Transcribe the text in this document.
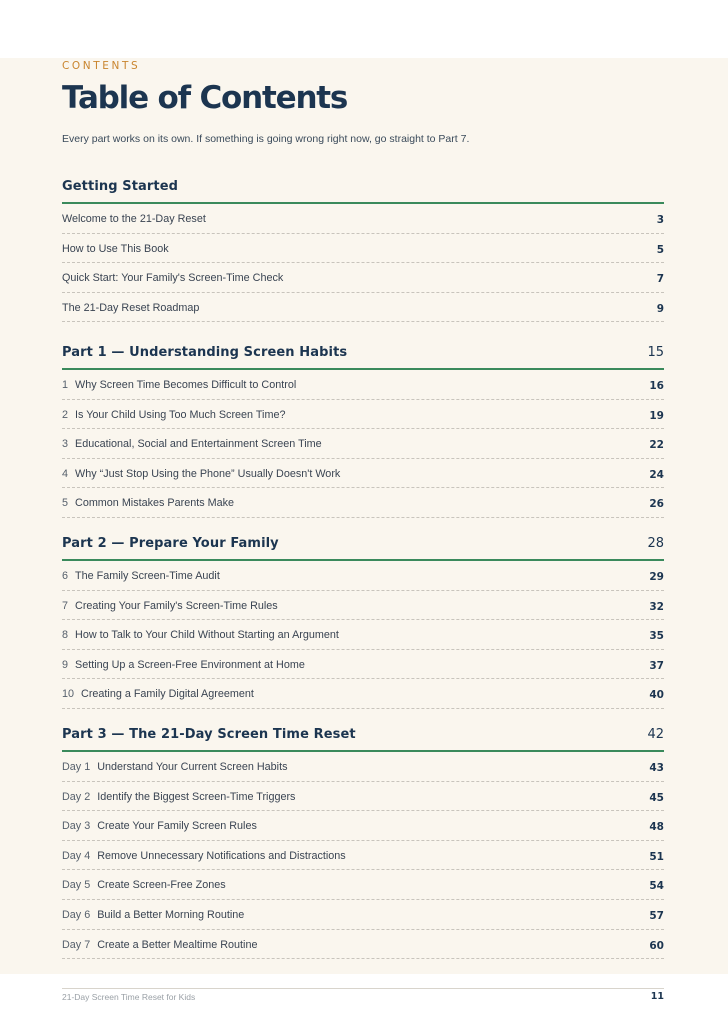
CONTENTS
Table of Contents

Every part works on its own. If something is going wrong right now, go straight to Part 7.

Getting Started
Welcome to the 21-Day Reset	3
How to Use This Book	5
Quick Start: Your Family's Screen-Time Check	7
The 21-Day Reset Roadmap	9
Part 1 — Understanding Screen Habits	15
1 Why Screen Time Becomes Difficult to Control	16
2 Is Your Child Using Too Much Screen Time?	19
3 Educational, Social and Entertainment Screen Time	22
4 Why “Just Stop Using the Phone” Usually Doesn't Work	24
5 Common Mistakes Parents Make	26
Part 2 — Prepare Your Family	28
6 The Family Screen-Time Audit	29
7 Creating Your Family's Screen-Time Rules	32
8 How to Talk to Your Child Without Starting an Argument	35
9 Setting Up a Screen-Free Environment at Home	37
10 Creating a Family Digital Agreement	40
Part 3 — The 21-Day Screen Time Reset	42
Day 1 Understand Your Current Screen Habits	43
Day 2 Identify the Biggest Screen-Time Triggers	45
Day 3 Create Your Family Screen Rules	48
Day 4 Remove Unnecessary Notifications and Distractions	51
Day 5 Create Screen-Free Zones	54
Day 6 Build a Better Morning Routine	57
Day 7 Create a Better Mealtime Routine	60
21-Day Screen Time Reset for Kids	11
